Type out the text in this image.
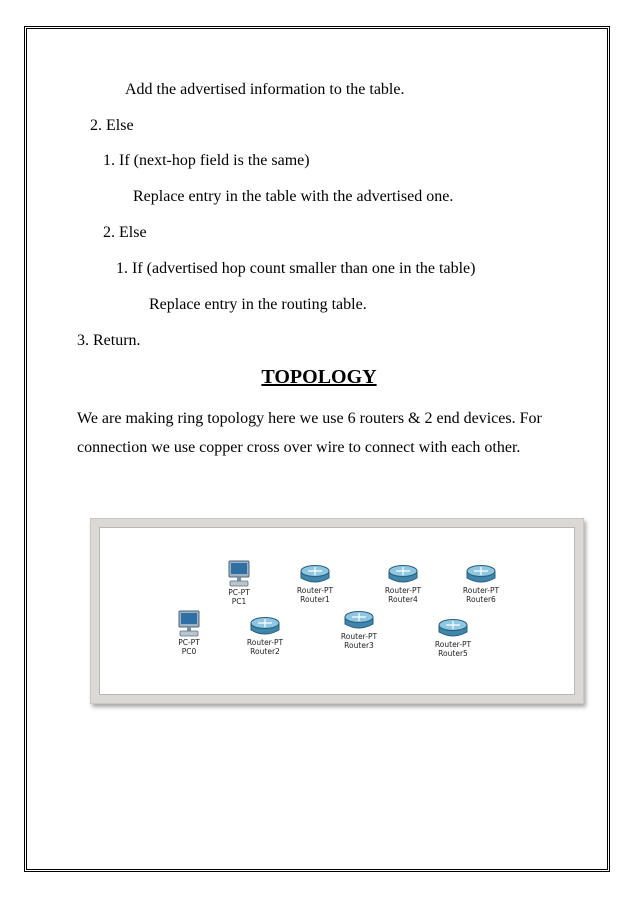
Add the advertised information to the table.
2. Else
1. If (next-hop field is the same)
Replace entry in the table with the advertised one.
2. Else
1. If (advertised hop count smaller than one in the table)
Replace entry in the routing table.
3. Return.
TOPOLOGY
We are making ring topology here we use 6 routers & 2 end devices. For connection we use copper cross over wire to connect with each other.
PC-PT
PC1
Router-PT
Router1
Router-PT
Router4
Router-PT
Router6
PC-PT
PC0
Router-PT
Router2
Router-PT
Router3	Router-PT
Router5
